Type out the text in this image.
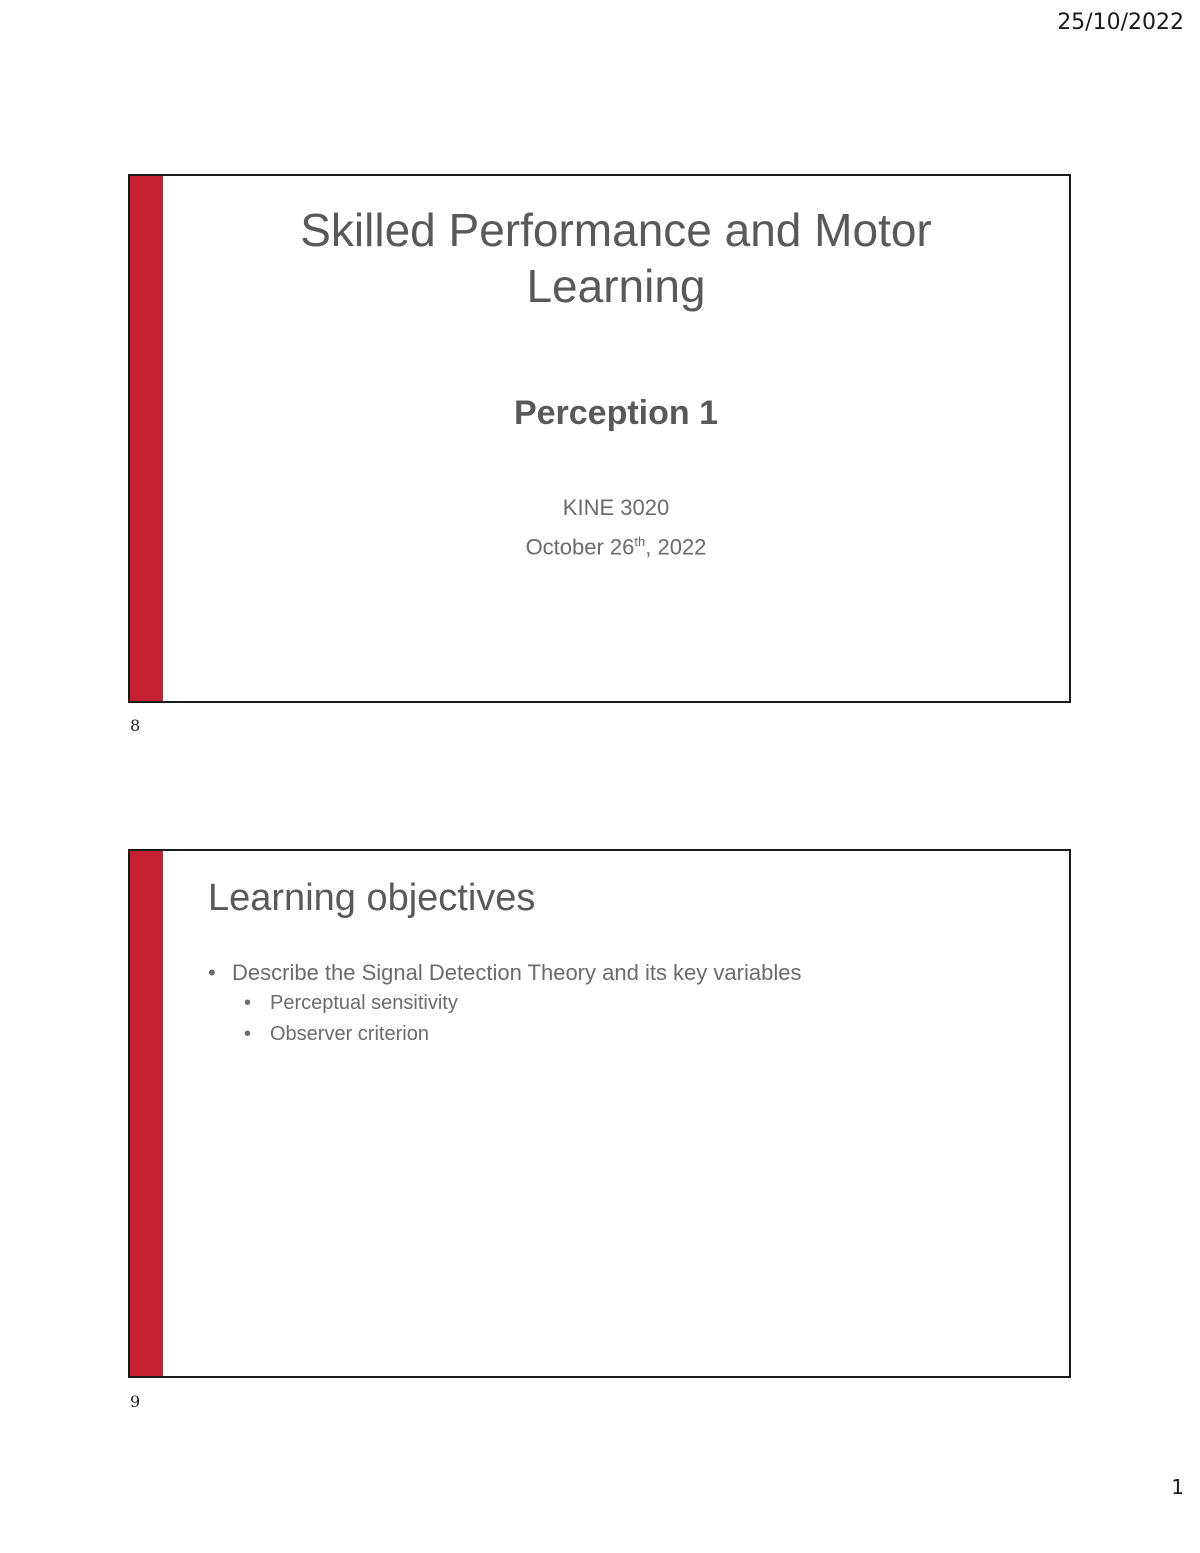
25/10/2022
Skilled Performance and Motor Learning
Perception 1
KINE 3020
October 26th, 2022
8
Learning objectives
• Describe the Signal Detection Theory and its key variables
• Perceptual sensitivity
• Observer criterion
9
1
